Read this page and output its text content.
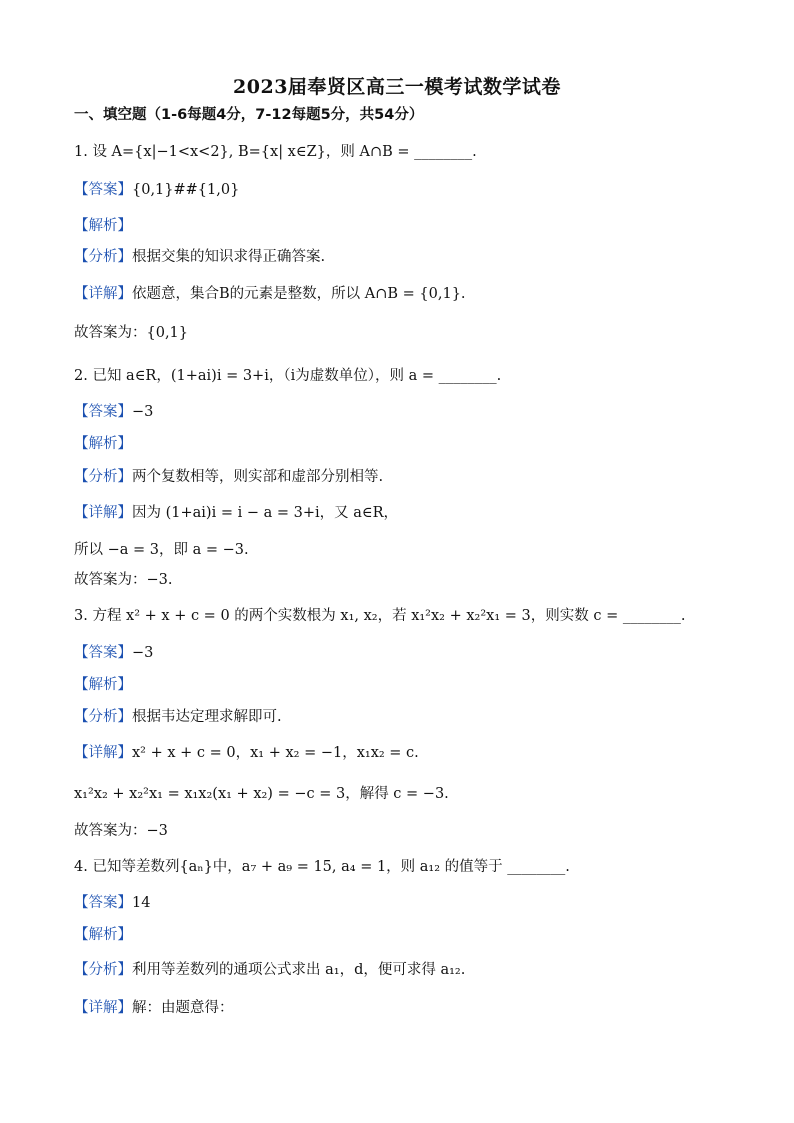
2023届奉贤区高三一模考试数学试卷
一、填空题（1-6每题4分，7-12每题5分，共54分）
1. 设 A={x|−1<x<2}, B={x| x∈Z}，则 A∩B = ________.
【答案】{0,1}##{1,0}
【解析】
【分析】根据交集的知识求得正确答案.
【详解】依题意，集合B的元素是整数，所以 A∩B = {0,1}.
故答案为：{0,1}
2. 已知 a∈R，(1+ai)i = 3+i，（i为虚数单位），则 a = ________.
【答案】−3
【解析】
【分析】两个复数相等，则实部和虚部分别相等.
【详解】因为 (1+ai)i = i − a = 3+i，又 a∈R，
所以 −a = 3，即 a = −3.
故答案为：−3.
3. 方程 x² + x + c = 0 的两个实数根为 x₁, x₂，若 x₁²x₂ + x₂²x₁ = 3，则实数 c = ________.
【答案】−3
【解析】
【分析】根据韦达定理求解即可.
【详解】x² + x + c = 0，x₁ + x₂ = −1，x₁x₂ = c.
x₁²x₂ + x₂²x₁ = x₁x₂(x₁ + x₂) = −c = 3，解得 c = −3.
故答案为：−3
4. 已知等差数列{aₙ}中，a₇ + a₉ = 15, a₄ = 1，则 a₁₂ 的值等于 ________.
【答案】14
【解析】
【分析】利用等差数列的通项公式求出 a₁，d，便可求得 a₁₂.
【详解】解：由题意得：
